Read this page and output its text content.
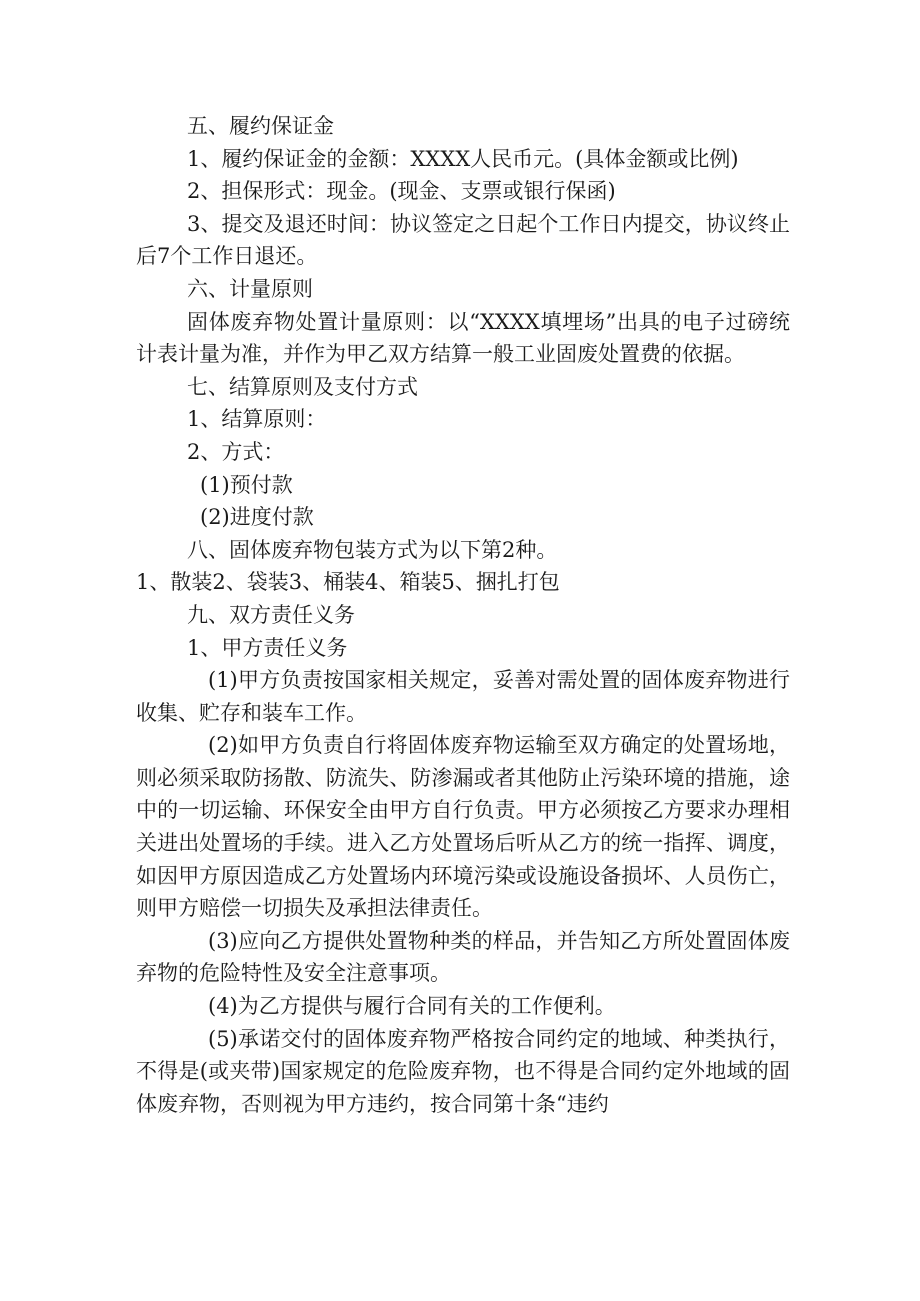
五、履约保证金

1、履约保证金的金额：XXXX人民币元。(具体金额或比例)

2、担保形式：现金。(现金、支票或银行保函)

3、提交及退还时间：协议签定之日起个工作日内提交，协议终止后7个工作日退还。

六、计量原则

固体废弃物处置计量原则：以“XXXX填埋场”出具的电子过磅统计表计量为准，并作为甲乙双方结算一般工业固废处置费的依据。

七、结算原则及支付方式

1、结算原则：

2、方式：

(1)预付款

(2)进度付款

八、固体废弃物包装方式为以下第2种。

1、散装2、袋装3、桶装4、箱装5、捆扎打包

九、双方责任义务

1、甲方责任义务

(1)甲方负责按国家相关规定，妥善对需处置的固体废弃物进行收集、贮存和装车工作。

(2)如甲方负责自行将固体废弃物运输至双方确定的处置场地，则必须采取防扬散、防流失、防渗漏或者其他防止污染环境的措施，途中的一切运输、环保安全由甲方自行负责。甲方必须按乙方要求办理相关进出处置场的手续。进入乙方处置场后听从乙方的统一指挥、调度，如因甲方原因造成乙方处置场内环境污染或设施设备损坏、人员伤亡，则甲方赔偿一切损失及承担法律责任。

(3)应向乙方提供处置物种类的样品，并告知乙方所处置固体废弃物的危险特性及安全注意事项。

(4)为乙方提供与履行合同有关的工作便利。

(5)承诺交付的固体废弃物严格按合同约定的地域、种类执行，不得是(或夹带)国家规定的危险废弃物，也不得是合同约定外地域的固体废弃物，否则视为甲方违约，按合同第十条“违约
